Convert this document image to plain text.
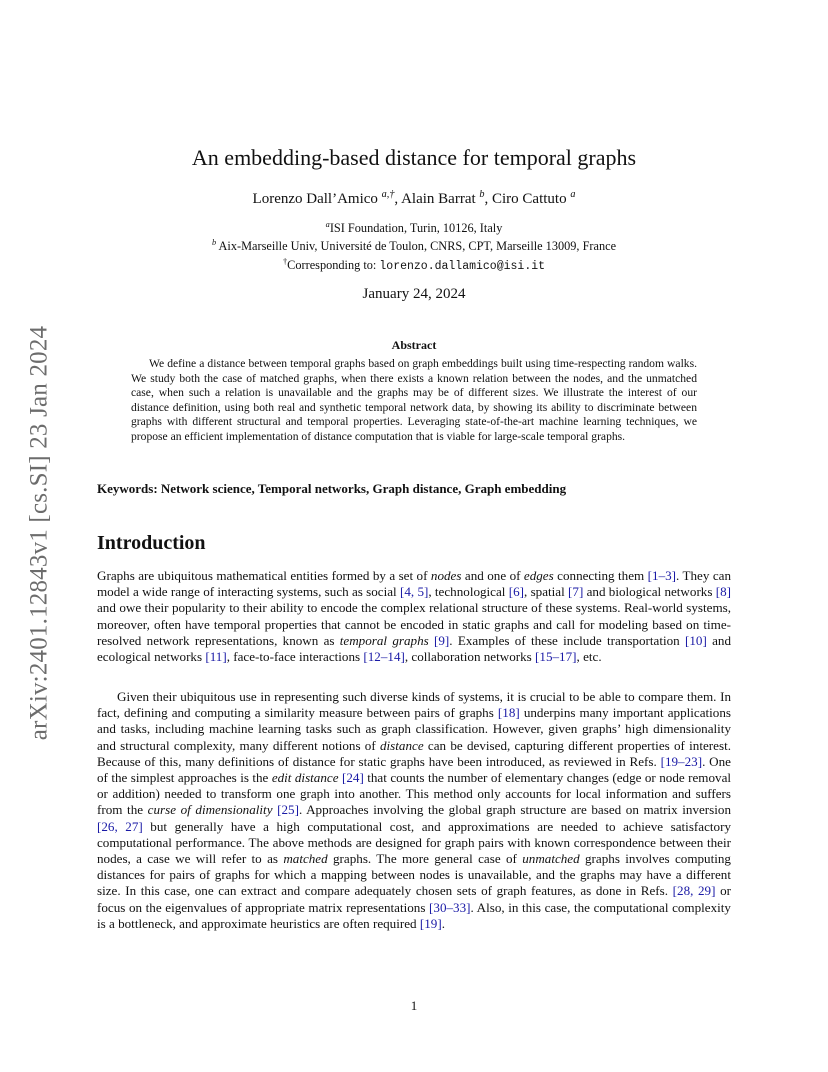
arXiv:2401.12843v1 [cs.SI] 23 Jan 2024
An embedding-based distance for temporal graphs
Lorenzo Dall’Amico $^{a,\dagger}$, Alain Barrat $^b$, Ciro Cattuto $^a$
$^a$ISI Foundation, Turin, 10126, Italy
$^b$ Aix-Marseille Univ, Université de Toulon, CNRS, CPT, Marseille 13009, France
†Corresponding to: lorenzo.dallamico@isi.it
January 24, 2024
Abstract

We define a distance between temporal graphs based on graph embeddings built using time-respecting random walks. We study both the case of matched graphs, when there exists a known relation between the nodes, and the unmatched case, when such a relation is unavailable and the graphs may be of different sizes. We illustrate the interest of our distance definition, using both real and synthetic temporal network data, by showing its ability to discriminate between graphs with different structural and temporal properties. Leveraging state-of-the-art machine learning techniques, we propose an efficient implementation of distance computation that is viable for large-scale temporal graphs.

Keywords: Network science, Temporal networks, Graph distance, Graph embedding
Introduction

Graphs are ubiquitous mathematical entities formed by a set of nodes and one of edges connecting them [1–3]. They can model a wide range of interacting systems, such as social [4, 5], technological [6], spatial [7] and biological networks [8] and owe their popularity to their ability to encode the complex relational structure of these systems. Real-world systems, moreover, often have temporal properties that cannot be encoded in static graphs and call for modeling based on time-resolved network representations, known as temporal graphs [9]. Examples of these include transportation [10] and ecological networks [11], face-to-face interactions [12–14], collaboration networks [15–17], etc.

Given their ubiquitous use in representing such diverse kinds of systems, it is crucial to be able to compare them. In fact, defining and computing a similarity measure between pairs of graphs [18] underpins many important applications and tasks, including machine learning tasks such as graph classification. However, given graphs’ high dimensionality and structural complexity, many different notions of distance can be devised, capturing different properties of interest. Because of this, many definitions of distance for static graphs have been introduced, as reviewed in Refs. [19–23]. One of the simplest approaches is the edit distance [24] that counts the number of elementary changes (edge or node removal or addition) needed to transform one graph into another. This method only accounts for local information and suffers from the curse of dimensionality [25]. Approaches involving the global graph structure are based on matrix inversion [26, 27] but generally have a high computational cost, and approximations are needed to achieve satisfactory computational performance. The above methods are designed for graph pairs with known correspondence between their nodes, a case we will refer to as matched graphs. The more general case of unmatched graphs involves computing distances for pairs of graphs for which a mapping between nodes is unavailable, and the graphs may have a different size. In this case, one can extract and compare adequately chosen sets of graph features, as done in Refs. [28, 29] or focus on the eigenvalues of appropriate matrix representations [30–33]. Also, in this case, the computational complexity is a bottleneck, and approximate heuristics are often required [19].

1
